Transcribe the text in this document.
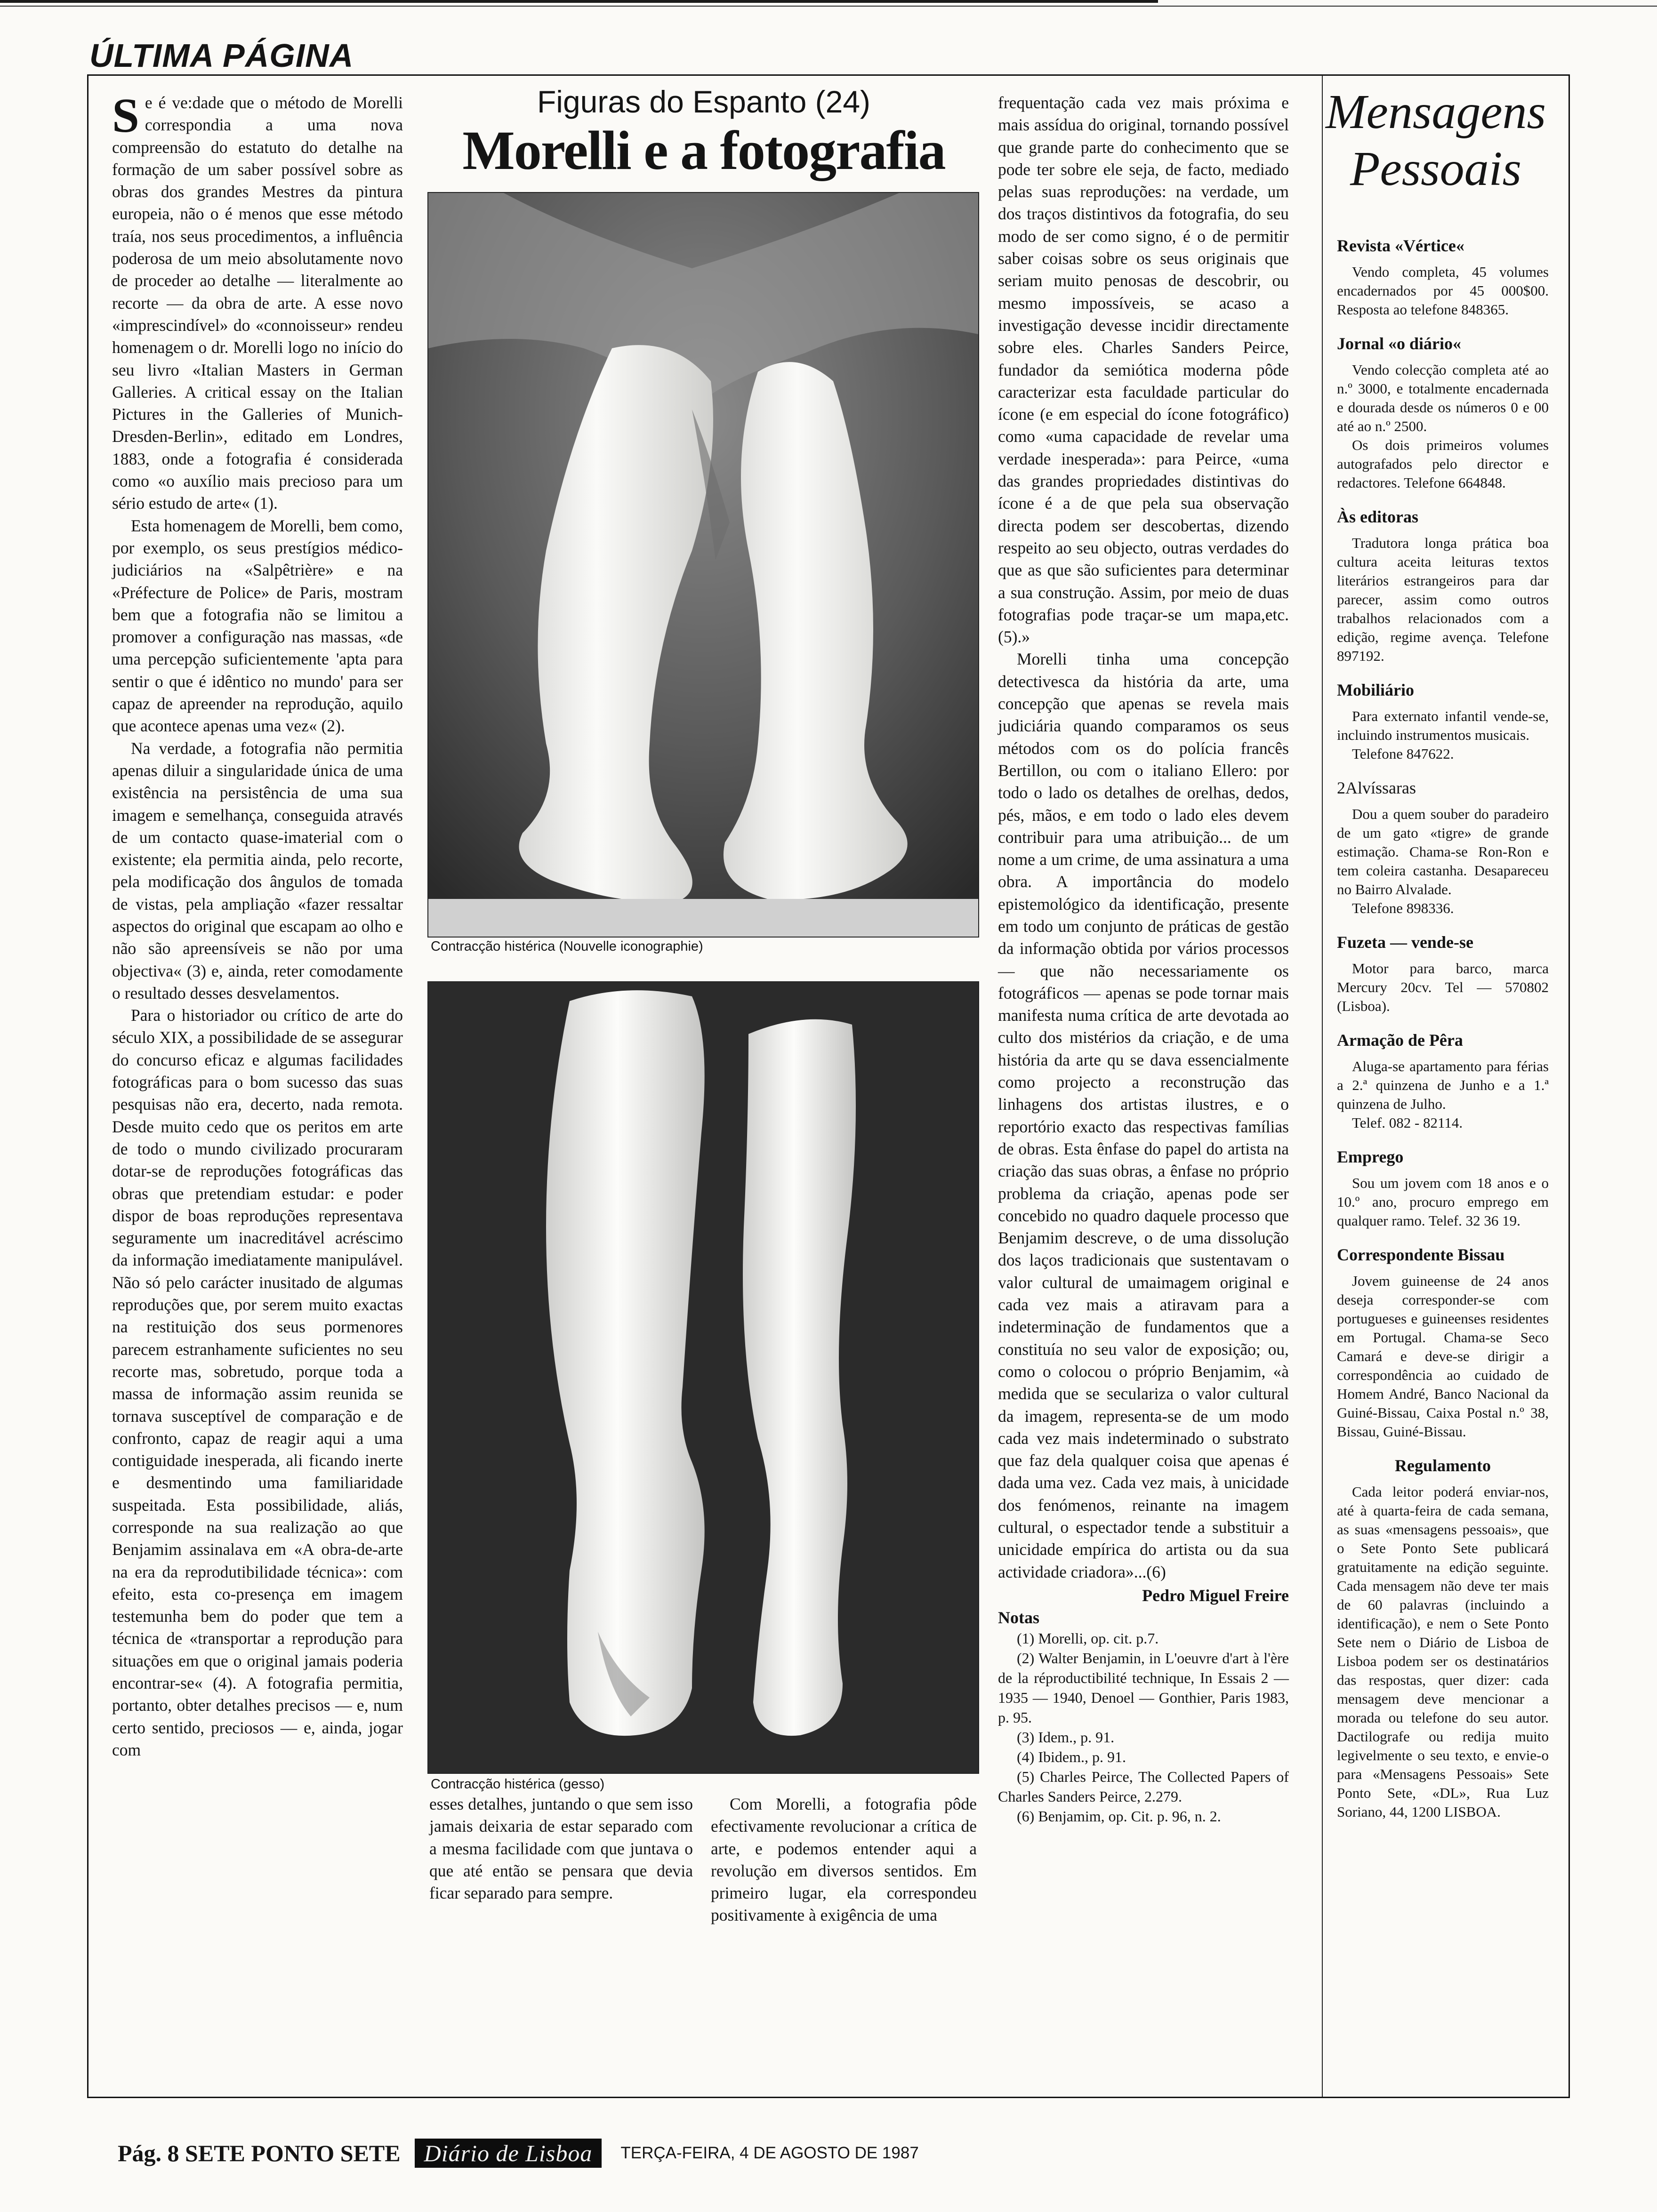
ÚLTIMA PÁGINA

Se é ve:dade que o método de Morelli correspondia a uma nova compreensão do estatuto do detalhe na formação de um saber possível sobre as obras dos grandes Mestres da pintura europeia, não o é menos que esse método traía, nos seus procedimentos, a influência poderosa de um meio absolutamente novo de proceder ao detalhe — literalmente ao recorte — da obra de arte. A esse novo «imprescindível» do «connoisseur» rendeu homenagem o dr. Morelli logo no início do seu livro «Italian Masters in German Galleries. A critical essay on the Italian Pictures in the Galleries of Munich-Dresden-Berlin», editado em Londres, 1883, onde a fotografia é considerada como «o auxílio mais precioso para um sério estudo de arte« (1).

Esta homenagem de Morelli, bem como, por exemplo, os seus prestígios médico-judiciários na «Salpêtrière» e na «Préfecture de Police» de Paris, mostram bem que a fotografia não se limitou a promover a configuração nas massas, «de uma percepção suficientemente 'apta para sentir o que é idêntico no mundo' para ser capaz de apreender na reprodução, aquilo que acontece apenas uma vez« (2).

Na verdade, a fotografia não permitia apenas diluir a singularidade única de uma existência na persistência de uma sua imagem e semelhança, conseguida através de um contacto quase-imaterial com o existente; ela permitia ainda, pelo recorte, pela modificação dos ângulos de tomada de vistas, pela ampliação «fazer ressaltar aspectos do original que escapam ao olho e não são apreensíveis se não por uma objectiva« (3) e, ainda, reter comodamente o resultado desses desvelamentos.

Para o historiador ou crítico de arte do século XIX, a possibilidade de se assegurar do concurso eficaz e algumas facilidades fotográficas para o bom sucesso das suas pesquisas não era, decerto, nada remota. Desde muito cedo que os peritos em arte de todo o mundo civilizado procuraram dotar-se de reproduções fotográficas das obras que pretendiam estudar: e poder dispor de boas reproduções representava seguramente um inacreditável acréscimo da informação imediatamente manipulável. Não só pelo carácter inusitado de algumas reproduções que, por serem muito exactas na restituição dos seus pormenores parecem estranhamente suficientes no seu recorte mas, sobretudo, porque toda a massa de informação assim reunida se tornava susceptível de comparação e de confronto, capaz de reagir aqui a uma contiguidade inesperada, ali ficando inerte e desmentindo uma familiaridade suspeitada. Esta possibilidade, aliás, corresponde na sua realização ao que Benjamim assinalava em «A obra-de-arte na era da reprodutibilidade técnica»: com efeito, esta co-presença em imagem testemunha bem do poder que tem a técnica de «transportar a reprodução para situações em que o original jamais poderia encontrar-se« (4). A fotografia permitia, portanto, obter detalhes precisos — e, num certo sentido, preciosos — e, ainda, jogar com

Figuras do Espanto (24)
Morelli e a fotografia
Contracção histérica (Nouvelle iconographie)
Contracção histérica (gesso)

esses detalhes, juntando o que sem isso jamais deixaria de estar separado com a mesma facilidade com que juntava o que até então se pensara que devia ficar separado para sempre.

Com Morelli, a fotografia pôde efectivamente revolucionar a crítica de arte, e podemos entender aqui a revolução em diversos sentidos. Em primeiro lugar, ela correspondeu positivamente à exigência de uma

frequentação cada vez mais próxima e mais assídua do original, tornando possível que grande parte do conhecimento que se pode ter sobre ele seja, de facto, mediado pelas suas reproduções: na verdade, um dos traços distintivos da fotografia, do seu modo de ser como signo, é o de permitir saber coisas sobre os seus originais que seriam muito penosas de descobrir, ou mesmo impossíveis, se acaso a investigação devesse incidir directamente sobre eles. Charles Sanders Peirce, fundador da semiótica moderna pôde caracterizar esta faculdade particular do ícone (e em especial do ícone fotográfico) como «uma capacidade de revelar uma verdade inesperada»: para Peirce, «uma das grandes propriedades distintivas do ícone é a de que pela sua observação directa podem ser descobertas, dizendo respeito ao seu objecto, outras verdades do que as que são suficientes para determinar a sua construção. Assim, por meio de duas fotografias pode traçar-se um mapa,etc. (5).»

Morelli tinha uma concepção detectivesca da história da arte, uma concepção que apenas se revela mais judiciária quando comparamos os seus métodos com os do polícia francês Bertillon, ou com o italiano Ellero: por todo o lado os detalhes de orelhas, dedos, pés, mãos, e em todo o lado eles devem contribuir para uma atribuição... de um nome a um crime, de uma assinatura a uma obra. A importância do modelo epistemológico da identificação, presente em todo um conjunto de práticas de gestão da informação obtida por vários processos — que não necessariamente os fotográficos — apenas se pode tornar mais manifesta numa crítica de arte devotada ao culto dos mistérios da criação, e de uma história da arte qu se dava essencialmente como projecto a reconstrução das linhagens dos artistas ilustres, e o reportório exacto das respectivas famílias de obras. Esta ênfase do papel do artista na criação das suas obras, a ênfase no próprio problema da criação, apenas pode ser concebido no quadro daquele processo que Benjamim descreve, o de uma dissolução dos laços tradicionais que sustentavam o valor cultural de umaimagem original e cada vez mais a atiravam para a indeterminação de fundamentos que a constituía no seu valor de exposição; ou, como o colocou o próprio Benjamim, «à medida que se seculariza o valor cultural da imagem, representa-se de um modo cada vez mais indeterminado o substrato que faz dela qualquer coisa que apenas é dada uma vez. Cada vez mais, à unicidade dos fenómenos, reinante na imagem cultural, o espectador tende a substituir a unicidade empírica do artista ou da sua actividade criadora»...(6)

Pedro Miguel Freire
Notas

(1) Morelli, op. cit. p.7.

(2) Walter Benjamin, in L'oeuvre d'art à l'ère de la réproductibilité technique, In Essais 2 — 1935 — 1940, Denoel — Gonthier, Paris 1983, p. 95.

(3) Idem., p. 91.

(4) Ibidem., p. 91.

(5) Charles Peirce, The Collected Papers of Charles Sanders Peirce, 2.279.

(6) Benjamim, op. Cit. p. 96, n. 2.

Mensagens
Pessoais
Revista «Vértice«

Vendo completa, 45 volumes encadernados por 45 000$00. Resposta ao telefone 848365.

Jornal «o diário«

Vendo colecção completa até ao n.º 3000, e totalmente encadernada e dourada desde os números 0 e 00 até ao n.º 2500.

Os dois primeiros volumes autografados pelo director e redactores. Telefone 664848.

Às editoras

Tradutora longa prática boa cultura aceita leituras textos literários estrangeiros para dar parecer, assim como outros trabalhos relacionados com a edição, regime avença. Telefone 897192.

Mobiliário

Para externato infantil vende-se, incluindo instrumentos musicais.

Telefone 847622.

2Alvíssaras

Dou a quem souber do paradeiro de um gato «tigre» de grande estimação. Chama-se Ron-Ron e tem coleira castanha. Desapareceu no Bairro Alvalade.

Telefone 898336.

Fuzeta — vende-se

Motor para barco, marca Mercury 20cv. Tel — 570802 (Lisboa).

Armação de Pêra

Aluga-se apartamento para férias a 2.ª quinzena de Junho e a 1.ª quinzena de Julho.

Telef. 082 - 82114.

Emprego

Sou um jovem com 18 anos e o 10.º ano, procuro emprego em qualquer ramo. Telef. 32 36 19.

Correspondente Bissau

Jovem guineense de 24 anos deseja corresponder-se com portugueses e guineenses residentes em Portugal. Chama-se Seco Camará e deve-se dirigir a correspondência ao cuidado de Homem André, Banco Nacional da Guiné-Bissau, Caixa Postal n.º 38, Bissau, Guiné-Bissau.

Regulamento

Cada leitor poderá enviar-nos, até à quarta-feira de cada semana, as suas «mensagens pessoais», que o Sete Ponto Sete publicará gratuitamente na edição seguinte. Cada mensagem não deve ter mais de 60 palavras (incluindo a identificação), e nem o Sete Ponto Sete nem o Diário de Lisboa de Lisboa podem ser os destinatários das respostas, quer dizer: cada mensagem deve mencionar a morada ou telefone do seu autor. Dactilografe ou redija muito legivelmente o seu texto, e envie-o para «Mensagens Pessoais» Sete Ponto Sete, «DL», Rua Luz Soriano, 44, 1200 LISBOA.

Pág. 8 SETE PONTO SETE	Diário de Lisboa	TERÇA-FEIRA, 4 DE AGOSTO DE 1987
